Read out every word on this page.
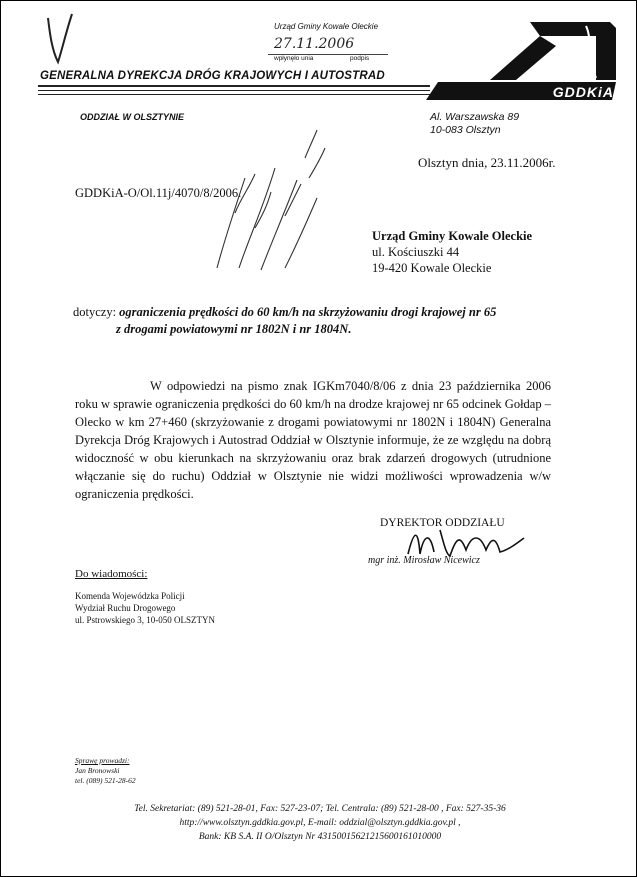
Urząd Gminy Kowale Oleckie
27.11.2006
wpłynęło unia	podpis
GENERALNA DYREKCJA DRÓG KRAJOWYCH I AUTOSTRAD
GDDKiA
ODDZIAŁ W OLSZTYNIE	Al. Warszawska 89
10-083 Olsztyn
Olsztyn dnia, 23.11.2006r.
GDDKiA-O/Ol.11j/4070/8/2006.
Urząd Gminy Kowale Oleckie
ul. Kościuszki 44
19-420 Kowale Oleckie
dotyczy: ograniczenia prędkości do 60 km/h na skrzyżowaniu drogi krajowej nr 65
z drogami powiatowymi nr 1802N i nr 1804N.
W odpowiedzi na pismo znak IGKm7040/8/06 z dnia 23 października 2006 roku w sprawie ograniczenia prędkości do 60 km/h na drodze krajowej nr 65 odcinek Gołdap – Olecko w km 27+460 (skrzyżowanie z drogami powiatowymi nr 1802N i 1804N) Generalna Dyrekcja Dróg Krajowych i Autostrad Oddział w Olsztynie informuje, że ze względu na dobrą widoczność w obu kierunkach na skrzyżowaniu oraz brak zdarzeń drogowych (utrudnione włączanie się do ruchu) Oddział w Olsztynie nie widzi możliwości wprowadzenia w/w ograniczenia prędkości.
DYREKTOR ODDZIAŁU
mgr inż. Mirosław Nicewicz
Do wiadomości:
Komenda Wojewódzka Policji
Wydział Ruchu Drogowego
ul. Pstrowskiego 3, 10-050 OLSZTYN
Sprawę prowadzi:
Jan Bronowski
tel. (089) 521-28-62
Tel. Sekretariat: (89) 521-28-01, Fax: 527-23-07; Tel. Centrala: (89) 521-28-00 , Fax: 527-35-36
http://www.olsztyn.gddkia.gov.pl, E-mail: oddzial@olsztyn.gddkia.gov.pl ,
Bank: KB S.A. II O/Olsztyn Nr 43150015621215600161010000
